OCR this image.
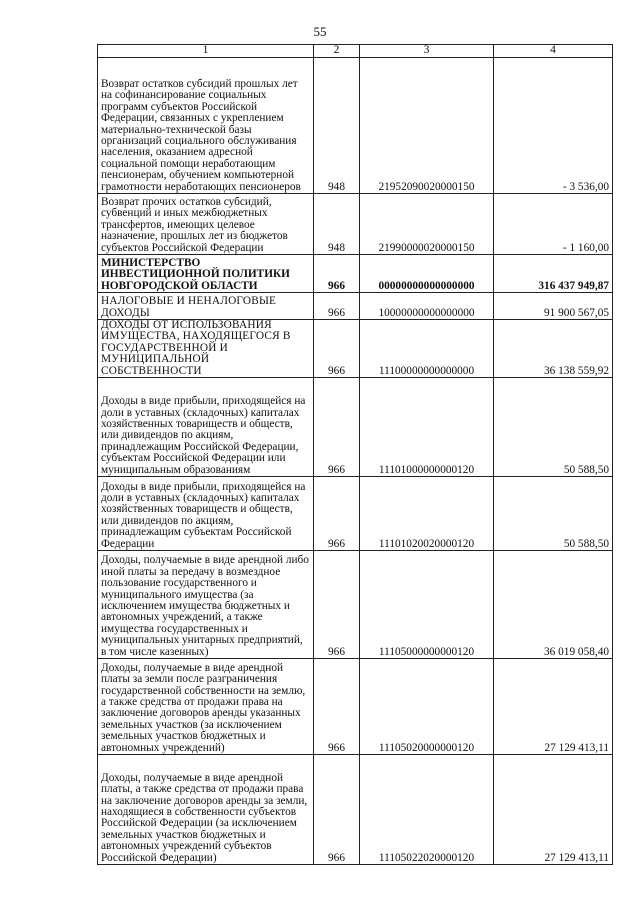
55
1	2	3	4
Возврат остатков субсидий прошлых лет на софинансирование социальных программ субъектов Российской Федерации, связанных с укреплением материально-технической базы организаций социального обслуживания населения, оказанием адресной социальной помощи неработающим пенсионерам, обучением компьютерной грамотности неработающих пенсионеров	948	21952090020000150	- 3 536,00
Возврат прочих остатков субсидий, субвенций и иных межбюджетных трансфертов, имеющих целевое назначение, прошлых лет из бюджетов субъектов Российской Федерации	948	21990000020000150	- 1 160,00
МИНИСТЕРСТВО ИНВЕСТИЦИОННОЙ ПОЛИТИКИ НОВГОРОДСКОЙ ОБЛАСТИ	966	00000000000000000	316 437 949,87
НАЛОГОВЫЕ И НЕНАЛОГОВЫЕ ДОХОДЫ	966	10000000000000000	91 900 567,05
ДОХОДЫ ОТ ИСПОЛЬЗОВАНИЯ ИМУЩЕСТВА, НАХОДЯЩЕГОСЯ В ГОСУДАРСТВЕННОЙ И МУНИЦИПАЛЬНОЙ СОБСТВЕННОСТИ	966	11100000000000000	36 138 559,92
Доходы в виде прибыли, приходящейся на доли в уставных (складочных) капиталах хозяйственных товариществ и обществ, или дивидендов по акциям, принадлежащим Российской Федерации, субъектам Российской Федерации или муниципальным образованиям	966	11101000000000120	50 588,50
Доходы в виде прибыли, приходящейся на доли в уставных (складочных) капиталах хозяйственных товариществ и обществ, или дивидендов по акциям, принадлежащим субъектам Российской Федерации	966	11101020020000120	50 588,50
Доходы, получаемые в виде арендной либо иной платы за передачу в возмездное пользование государственного и муниципального имущества (за исключением имущества бюджетных и автономных учреждений, а также имущества государственных и муниципальных унитарных предприятий, в том числе казенных)	966	11105000000000120	36 019 058,40
Доходы, получаемые в виде арендной платы за земли после разграничения государственной собственности на землю, а также средства от продажи права на заключение договоров аренды указанных земельных участков (за исключением земельных участков бюджетных и автономных учреждений)	966	11105020000000120	27 129 413,11
Доходы, получаемые в виде арендной платы, а также средства от продажи права на заключение договоров аренды за земли, находящиеся в собственности субъектов Российской Федерации (за исключением земельных участков бюджетных и автономных учреждений субъектов Российской Федерации)	966	11105022020000120	27 129 413,11
